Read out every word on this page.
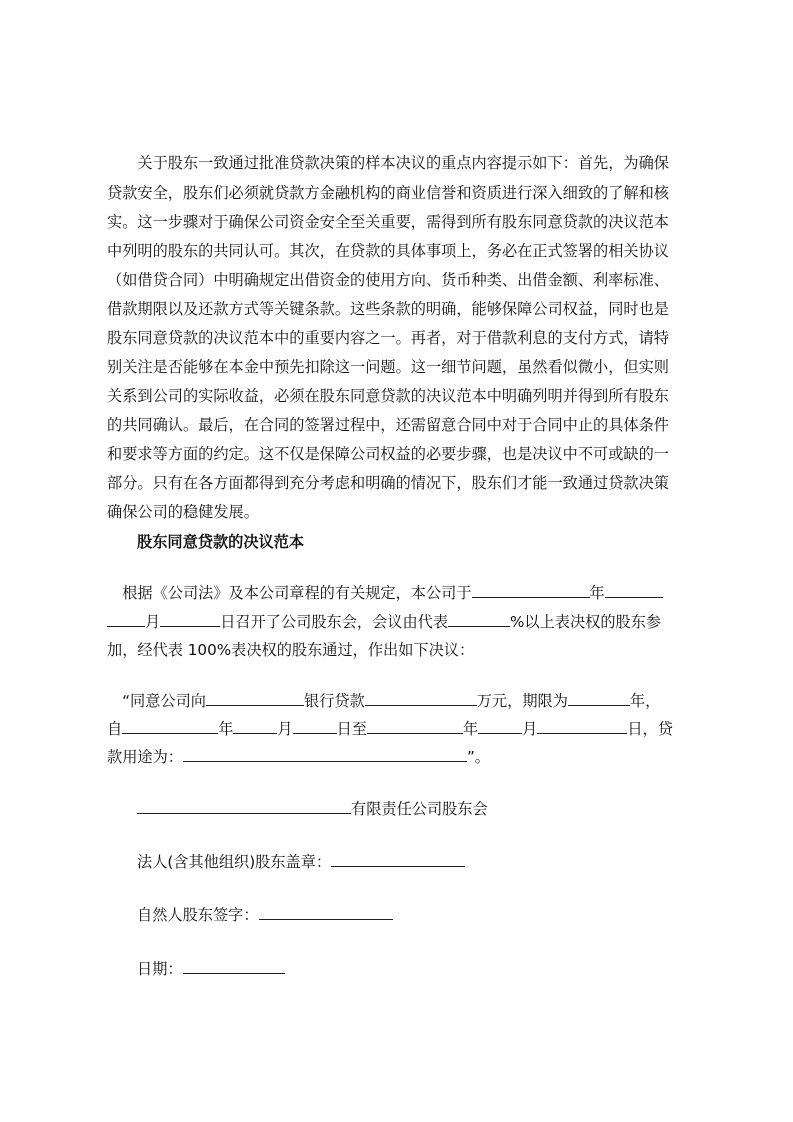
　　关于股东一致通过批准贷款决策的样本决议的重点内容提示如下：首先，为确保
贷款安全，股东们必须就贷款方金融机构的商业信誉和资质进行深入细致的了解和核
实。这一步骤对于确保公司资金安全至关重要，需得到所有股东同意贷款的决议范本
中列明的股东的共同认可。其次，在贷款的具体事项上，务必在正式签署的相关协议
（如借贷合同）中明确规定出借资金的使用方向、货币种类、出借金额、利率标准、
借款期限以及还款方式等关键条款。这些条款的明确，能够保障公司权益，同时也是
股东同意贷款的决议范本中的重要内容之一。再者，对于借款利息的支付方式，请特
别关注是否能够在本金中预先扣除这一问题。这一细节问题，虽然看似微小，但实则
关系到公司的实际收益，必须在股东同意贷款的决议范本中明确列明并得到所有股东
的共同确认。最后，在合同的签署过程中，还需留意合同中对于合同中止的具体条件
和要求等方面的约定。这不仅是保障公司权益的必要步骤，也是决议中不可或缺的一
部分。只有在各方面都得到充分考虑和明确的情况下，股东们才能一致通过贷款决策
确保公司的稳健发展。
股东同意贷款的决议范本
　根据《公司法》及本公司章程的有关规定，本公司于	年
月	日召开了公司股东会，会议由代表	%以上表决权的股东参
加，经代表 100%表决权的股东通过，作出如下决议：
　“同意公司向	银行贷款	万元，期限为	年，
自	年	月	日至	年	月	日，贷
款用途为：	”。
有限责任公司股东会
法人(含其他组织)股东盖章：
自然人股东签字：
日期：
